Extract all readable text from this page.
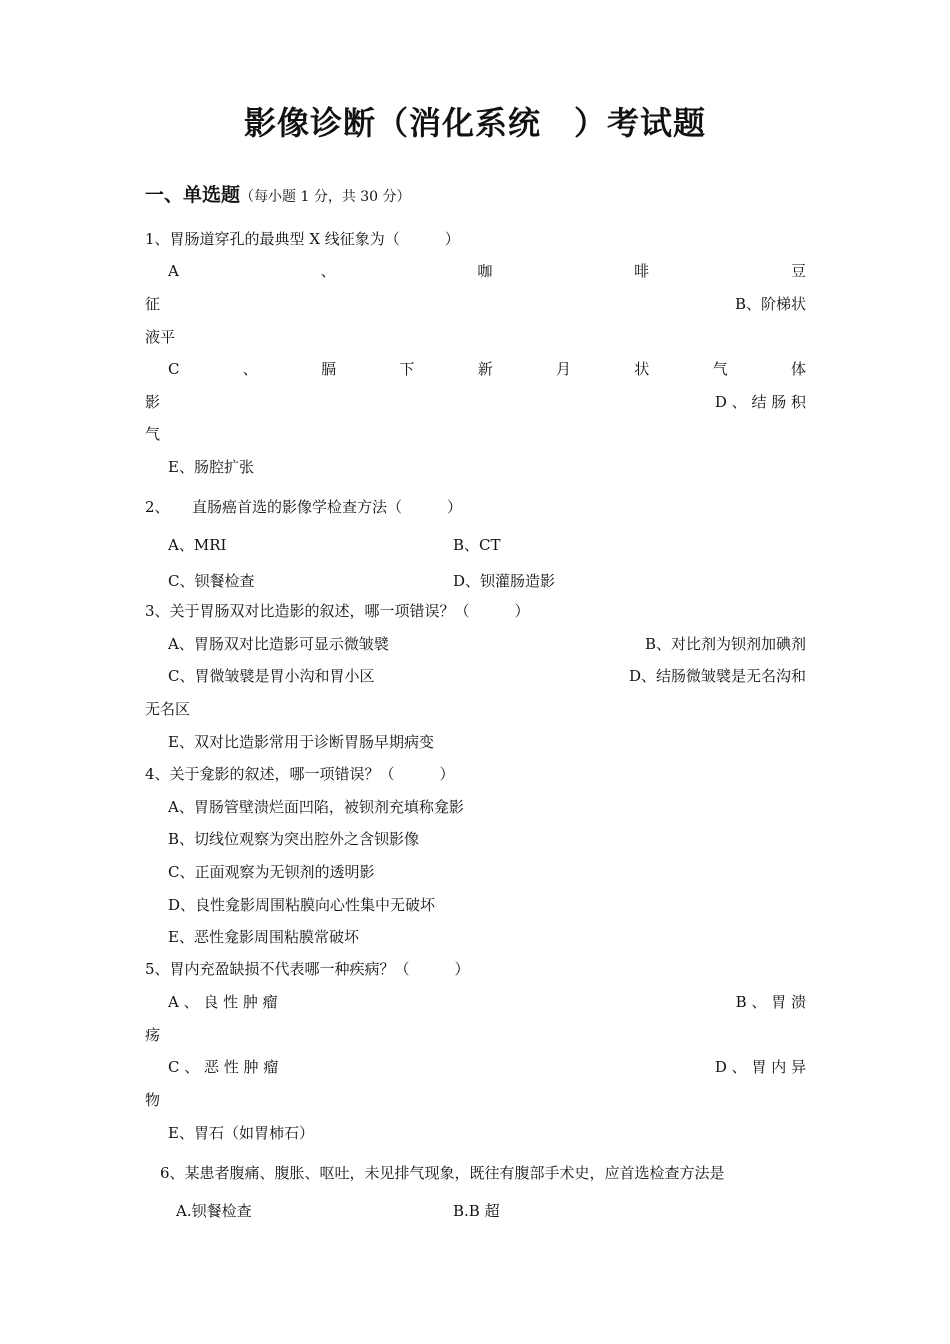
影像诊断（消化系统　）考试题
一、单选题（每小题 1 分，共 30 分）
1、胃肠道穿孔的最典型 X 线征象为（　　　）
A	、	咖	啡	豆
征	B、阶梯状
液平
C	、	膈	下	新	月	状	气	体
影	D 、 结 肠 积
气
E、肠腔扩张
2、　　直肠癌首选的影像学检查方法（　　　）
A、MRI	B、CT
C、钡餐检查	D、钡灌肠造影
3、关于胃肠双对比造影的叙述，哪一项错误？（　　　）
A、胃肠双对比造影可显示微皱襞	B、对比剂为钡剂加碘剂
C、胃微皱襞是胃小沟和胃小区	D、结肠微皱襞是无名沟和
无名区
E、双对比造影常用于诊断胃肠早期病变
4、关于龛影的叙述，哪一项错误？（　　　）
A、胃肠管壁溃烂面凹陷，被钡剂充填称龛影
B、切线位观察为突出腔外之含钡影像
C、正面观察为无钡剂的透明影
D、良性龛影周围粘膜向心性集中无破坏
E、恶性龛影周围粘膜常破坏
5、胃内充盈缺损不代表哪一种疾病？（　　　）
A 、 良 性 肿 瘤	B 、 胃 溃
疡
C 、 恶 性 肿 瘤	D 、 胃 内 异
物
E、胃石（如胃柿石）
6、某患者腹痛、腹胀、呕吐，未见排气现象，既往有腹部手术史，应首选检查方法是
A.钡餐检查	B.B 超
